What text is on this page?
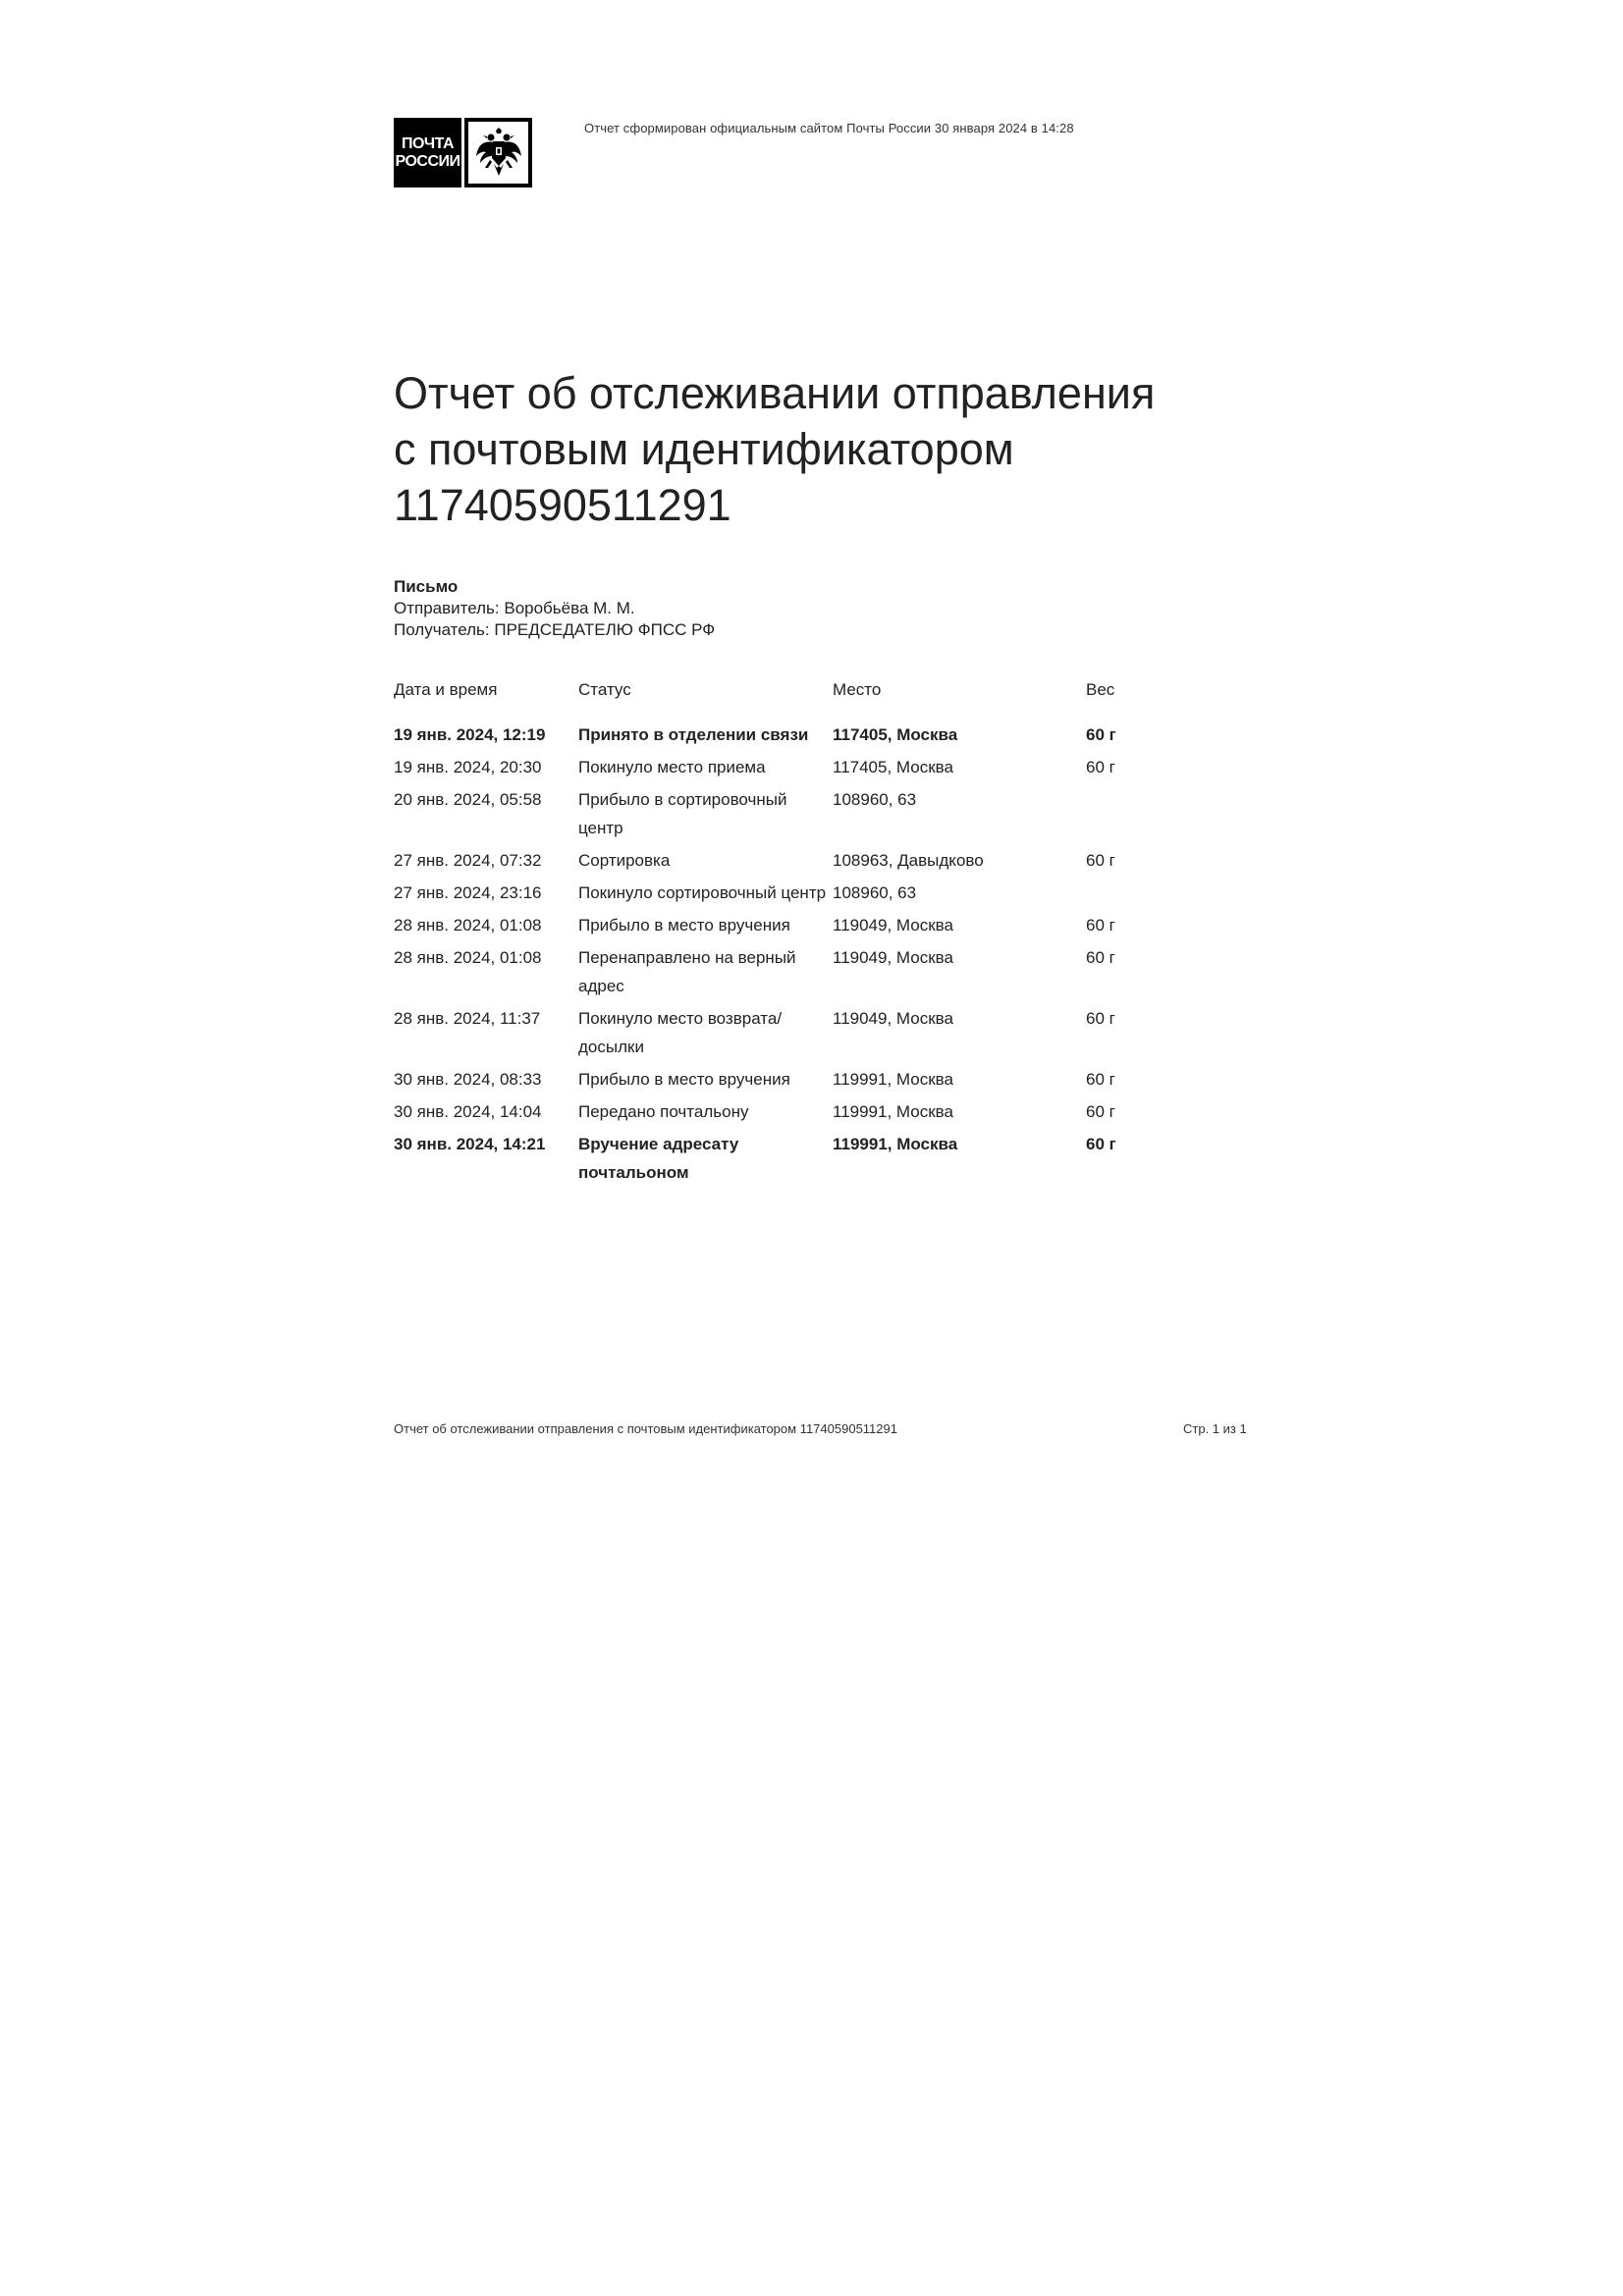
ПОЧТА
РОССИИ
Отчет сформирован официальным сайтом Почты России 30 января 2024 в 14:28
Отчет об отслеживании отправления
с почтовым идентификатором
11740590511291
Письмо
Отправитель: Воробьёва М. М.
Получатель: ПРЕДСЕДАТЕЛЮ ФПСС РФ
Дата и время	Статус	Место	Вес
19 янв. 2024, 12:19	Принято в отделении связи	117405, Москва	60 г
19 янв. 2024, 20:30	Покинуло место приема	117405, Москва	60 г
20 янв. 2024, 05:58	Прибыло в сортировочный центр	108960, 63	
27 янв. 2024, 07:32	Сортировка	108963, Давыдково	60 г
27 янв. 2024, 23:16	Покинуло сортировочный центр	108960, 63	
28 янв. 2024, 01:08	Прибыло в место вручения	119049, Москва	60 г
28 янв. 2024, 01:08	Перенаправлено на верный адрес	119049, Москва	60 г
28 янв. 2024, 11:37	Покинуло место возврата/ досылки	119049, Москва	60 г
30 янв. 2024, 08:33	Прибыло в место вручения	119991, Москва	60 г
30 янв. 2024, 14:04	Передано почтальону	119991, Москва	60 г
30 янв. 2024, 14:21	Вручение адресату почтальоном	119991, Москва	60 г
Отчет об отслеживании отправления с почтовым идентификатором 11740590511291	Стр. 1 из 1
